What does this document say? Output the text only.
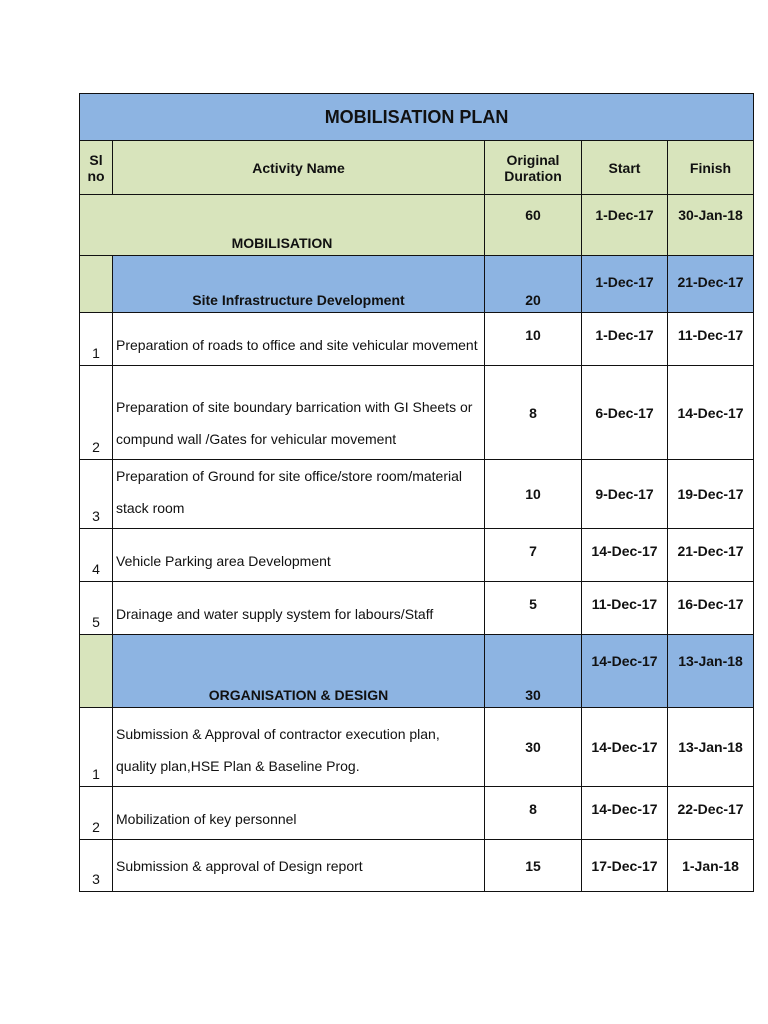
MOBILISATION PLAN				
Sl no	Activity Name	Original Duration	Start	Finish
MOBILISATION		60	1-Dec-17	30-Jan-18
	Site Infrastructure Development	20	1-Dec-17	21-Dec-17
1	Preparation of roads to office and site vehicular movement	10	1-Dec-17	11-Dec-17
2	Preparation of site boundary barrication with GI Sheets or compund wall /Gates for vehicular movement	8	6-Dec-17	14-Dec-17
3	Preparation of Ground for site office/store room/material stack room	10	9-Dec-17	19-Dec-17
4	Vehicle Parking area Development	7	14-Dec-17	21-Dec-17
5	Drainage and water supply system for labours/Staff	5	11-Dec-17	16-Dec-17
	ORGANISATION & DESIGN	30	14-Dec-17	13-Jan-18
1	Submission & Approval of contractor execution plan, quality plan,HSE Plan & Baseline Prog.	30	14-Dec-17	13-Jan-18
2	Mobilization of key personnel	8	14-Dec-17	22-Dec-17
3	Submission & approval of Design report	15	17-Dec-17	1-Jan-18
